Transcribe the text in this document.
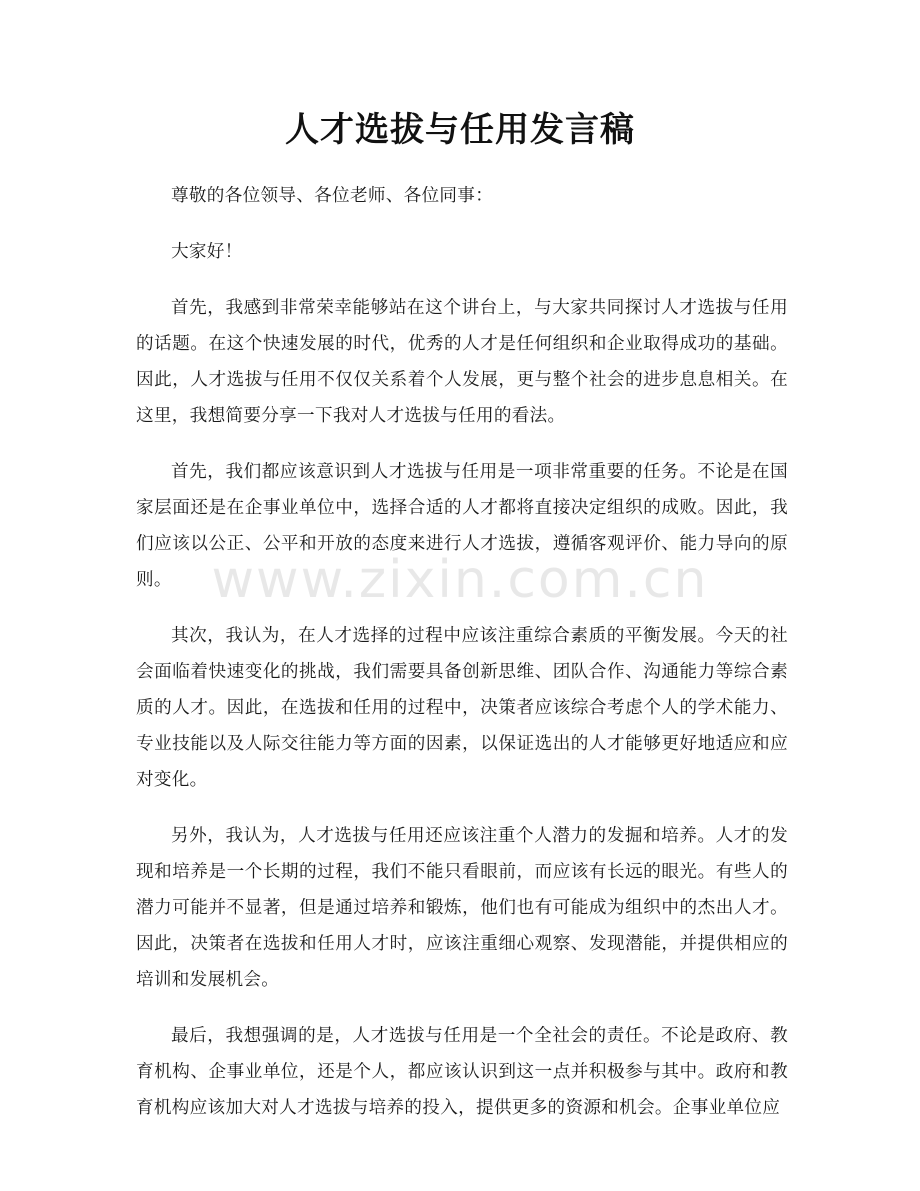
人才选拔与任用发言稿

尊敬的各位领导、各位老师、各位同事：

大家好！

首先，我感到非常荣幸能够站在这个讲台上，与大家共同探讨人才选拔与任用的话题。在这个快速发展的时代，优秀的人才是任何组织和企业取得成功的基础。因此，人才选拔与任用不仅仅关系着个人发展，更与整个社会的进步息息相关。在这里，我想简要分享一下我对人才选拔与任用的看法。

首先，我们都应该意识到人才选拔与任用是一项非常重要的任务。不论是在国家层面还是在企事业单位中，选择合适的人才都将直接决定组织的成败。因此，我们应该以公正、公平和开放的态度来进行人才选拔，遵循客观评价、能力导向的原则。

其次，我认为，在人才选择的过程中应该注重综合素质的平衡发展。今天的社会面临着快速变化的挑战，我们需要具备创新思维、团队合作、沟通能力等综合素质的人才。因此，在选拔和任用的过程中，决策者应该综合考虑个人的学术能力、专业技能以及人际交往能力等方面的因素，以保证选出的人才能够更好地适应和应对变化。

另外，我认为，人才选拔与任用还应该注重个人潜力的发掘和培养。人才的发现和培养是一个长期的过程，我们不能只看眼前，而应该有长远的眼光。有些人的潜力可能并不显著，但是通过培养和锻炼，他们也有可能成为组织中的杰出人才。因此，决策者在选拔和任用人才时，应该注重细心观察、发现潜能，并提供相应的培训和发展机会。

最后，我想强调的是，人才选拔与任用是一个全社会的责任。不论是政府、教育机构、企事业单位，还是个人，都应该认识到这一点并积极参与其中。政府和教育机构应该加大对人才选拔与培养的投入，提供更多的资源和机会。企事业单位应

www.zixin.com.cn
